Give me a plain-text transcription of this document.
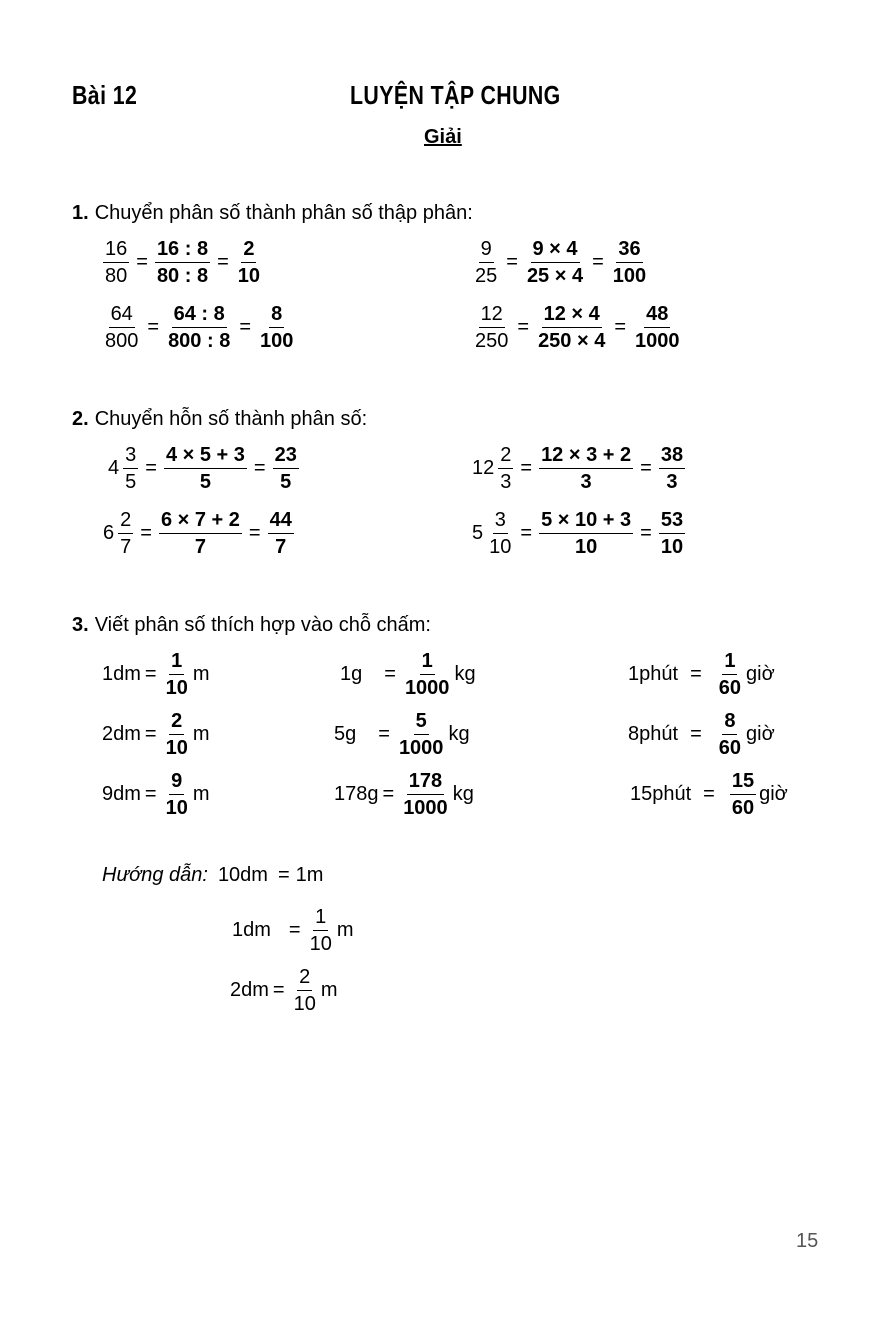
Bài 12	LUYỆN TẬP CHUNG
Giải
1. Chuyển phân số thành phân số thập phân:
$\frac{16}{80} = \frac{16 : 8}{80 : 8} = \frac{2}{10}$	$\frac{9}{25} = \frac{9 \times 4}{25 \times 4} = \frac{36}{100}$
$\frac{64}{800} = \frac{64 : 8}{800 : 8} = \frac{8}{100}$	$\frac{12}{250} = \frac{12 \times 4}{250 \times 4} = \frac{48}{1000}$
2. Chuyển hỗn số thành phân số:
$4 \frac{3}{5} = \frac{4 \times 5 + 3}{5} = \frac{23}{5}$	$12 \frac{2}{3} = \frac{12 \times 3 + 2}{3} = \frac{38}{3}$
$6 \frac{2}{7} = \frac{6 \times 7 + 2}{7} = \frac{44}{7}$	$5 \frac{3}{10} = \frac{5 \times 10 + 3}{10} = \frac{53}{10}$
3. Viết phân số thích hợp vào chỗ chấm:
$1dm = \frac{1}{10}$ m	$1g = \frac{1}{1000}$ kg	1phút = $\frac{1}{60}$ giờ
$2dm = \frac{2}{10}$ m	$5g = \frac{5}{1000}$ kg	8phút = $\frac{8}{60}$ giờ
$9dm = \frac{9}{10}$ m	$178g = \frac{178}{1000}$ kg	15phút = $\frac{15}{60}$ giờ
Hướng dẫn: 10dm = 1m
$1dm = \frac{1}{10}$ m
$2dm = \frac{2}{10}$ m
15
